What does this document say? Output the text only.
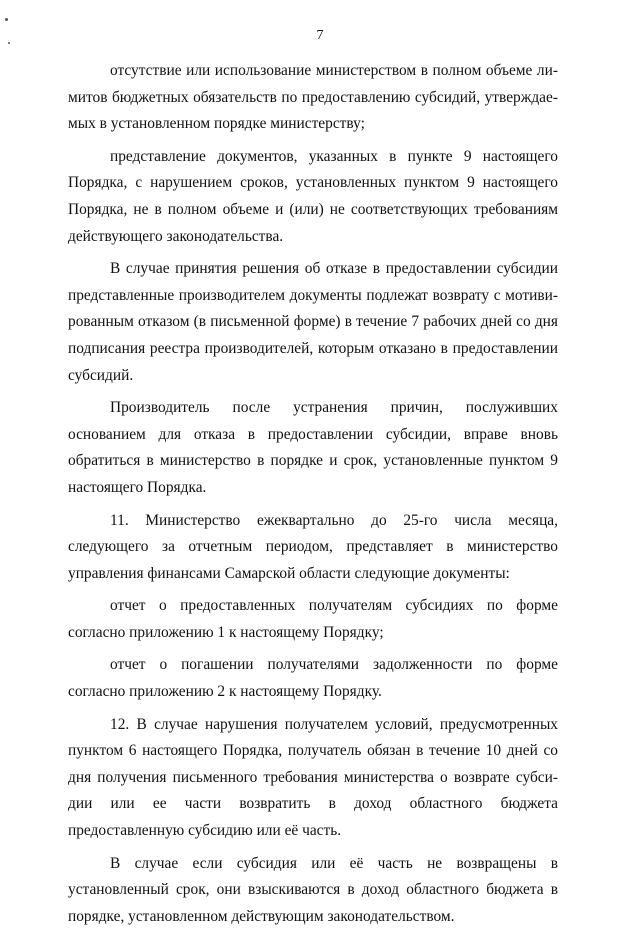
7

отсутствие или использование министерством в полном объеме лимитов бюджетных обязательств по предоставлению субсидий, утверждаемых в установленном порядке министерству;

представление документов, указанных в пункте 9 настоящего Порядка, с нарушением сроков, установленных пунктом 9 настоящего Порядка, не в полном объеме и (или) не соответствующих требованиям действующего законодательства.

В случае принятия решения об отказе в предоставлении субсидии представленные производителем документы подлежат возврату с мотивированным отказом (в письменной форме) в течение 7 рабочих дней со дня подписания реестра производителей, которым отказано в предоставлении субсидий.

Производитель после устранения причин, послуживших основанием для отказа в предоставлении субсидии, вправе вновь обратиться в министерство в порядке и срок, установленные пунктом 9 настоящего Порядка.

11. Министерство ежеквартально до 25-го числа месяца, следующего за отчетным периодом, представляет в министерство управления финансами Самарской области следующие документы:

отчет о предоставленных получателям субсидиях по форме согласно приложению 1 к настоящему Порядку;

отчет о погашении получателями задолженности по форме согласно приложению 2 к настоящему Порядку.

12. В случае нарушения получателем условий, предусмотренных пунктом 6 настоящего Порядка, получатель обязан в течение 10 дней со дня получения письменного требования министерства о возврате субсидии или ее части возвратить в доход областного бюджета предоставленную субсидию или её часть.

В случае если субсидия или её часть не возвращены в установленный срок, они взыскиваются в доход областного бюджета в порядке, установленном действующим законодательством.
